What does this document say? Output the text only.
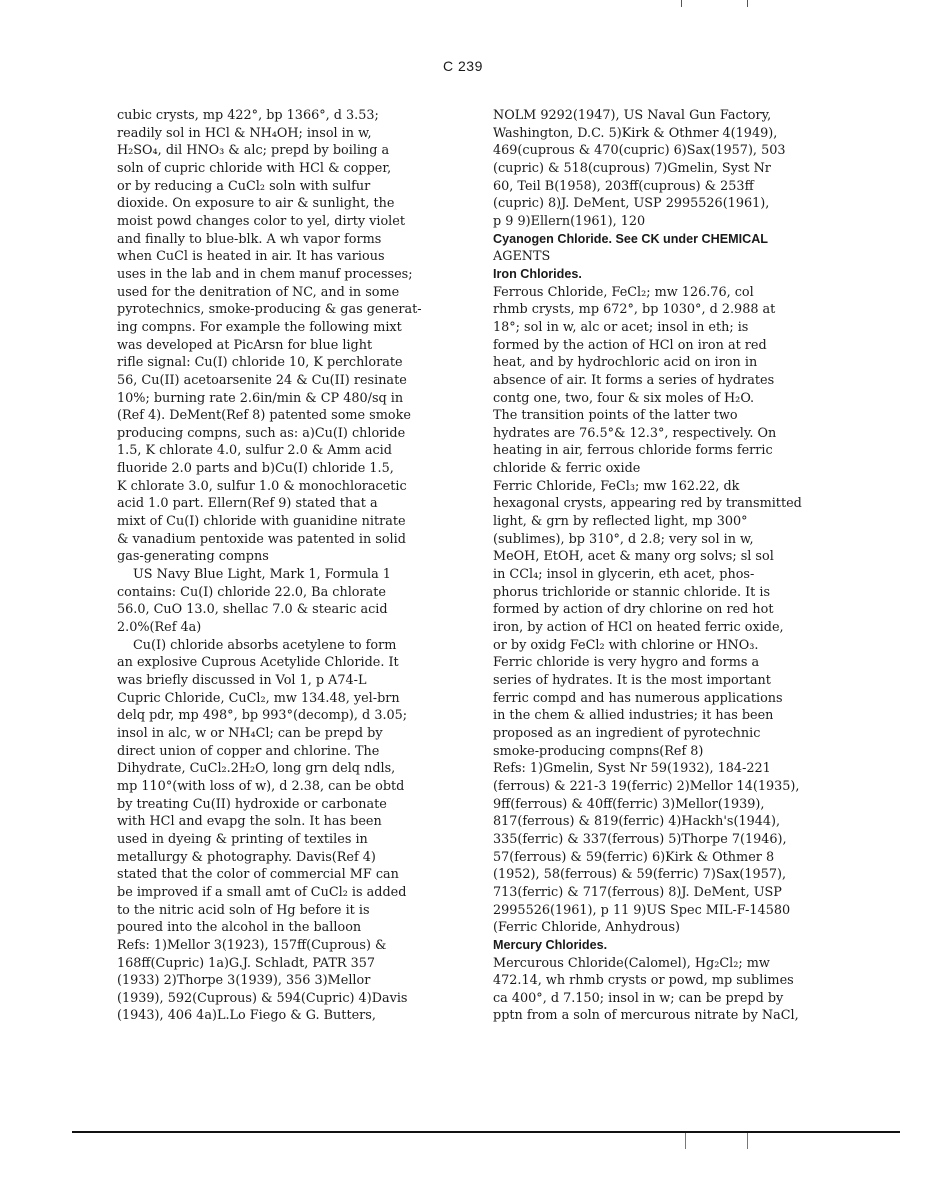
C 239
cubic crysts, mp 422°, bp 1366°, d 3.53;
readily sol in HCl & NH₄OH; insol in w,
H₂SO₄, dil HNO₃ & alc; prepd by boiling a
soln of cupric chloride with HCl & copper,
or by reducing a CuCl₂ soln with sulfur
dioxide. On exposure to air & sunlight, the
moist powd changes color to yel, dirty violet
and finally to blue-blk. A wh vapor forms
when CuCl is heated in air. It has various
uses in the lab and in chem manuf processes;
used for the denitration of NC, and in some
pyrotechnics, smoke-producing & gas generat-
ing compns. For example the following mixt
was developed at PicArsn for blue light
rifle signal: Cu(I) chloride 10, K perchlorate
56, Cu(II) acetoarsenite 24 & Cu(II) resinate
10%; burning rate 2.6in/min & CP 480/sq in
(Ref 4). DeMent(Ref 8) patented some smoke
producing compns, such as: a)Cu(I) chloride
1.5, K chlorate 4.0, sulfur 2.0 & Amm acid
fluoride 2.0 parts and b)Cu(I) chloride 1.5,
K chlorate 3.0, sulfur 1.0 & monochloracetic
acid 1.0 part. Ellern(Ref 9) stated that a
mixt of Cu(I) chloride with guanidine nitrate
& vanadium pentoxide was patented in solid
gas-generating compns
US Navy Blue Light, Mark 1, Formula 1
contains: Cu(I) chloride 22.0, Ba chlorate
56.0, CuO 13.0, shellac 7.0 & stearic acid
2.0%(Ref 4a)
Cu(I) chloride absorbs acetylene to form
an explosive Cuprous Acetylide Chloride. It
was briefly discussed in Vol 1, p A74-L
Cupric Chloride, CuCl₂, mw 134.48, yel-brn
delq pdr, mp 498°, bp 993°(decomp), d 3.05;
insol in alc, w or NH₄Cl; can be prepd by
direct union of copper and chlorine. The
Dihydrate, CuCl₂.2H₂O, long grn delq ndls,
mp 110°(with loss of w), d 2.38, can be obtd
by treating Cu(II) hydroxide or carbonate
with HCl and evapg the soln. It has been
used in dyeing & printing of textiles in
metallurgy & photography. Davis(Ref 4)
stated that the color of commercial MF can
be improved if a small amt of CuCl₂ is added
to the nitric acid soln of Hg before it is
poured into the alcohol in the balloon
Refs: 1)Mellor 3(1923), 157ff(Cuprous) &
168ff(Cupric) 1a)G.J. Schladt, PATR 357
(1933) 2)Thorpe 3(1939), 356 3)Mellor
(1939), 592(Cuprous) & 594(Cupric) 4)Davis
(1943), 406 4a)L.Lo Fiego & G. Butters,
NOLM 9292(1947), US Naval Gun Factory,
Washington, D.C. 5)Kirk & Othmer 4(1949),
469(cuprous & 470(cupric) 6)Sax(1957), 503
(cupric) & 518(cuprous) 7)Gmelin, Syst Nr
60, Teil B(1958), 203ff(cuprous) & 253ff
(cupric) 8)J. DeMent, USP 2995526(1961),
p 9 9)Ellern(1961), 120
Cyanogen Chloride. See CK under CHEMICAL
AGENTS
Iron Chlorides.
Ferrous Chloride, FeCl₂; mw 126.76, col
rhmb crysts, mp 672°, bp 1030°, d 2.988 at
18°; sol in w, alc or acet; insol in eth; is
formed by the action of HCl on iron at red
heat, and by hydrochloric acid on iron in
absence of air. It forms a series of hydrates
contg one, two, four & six moles of H₂O.
The transition points of the latter two
hydrates are 76.5°& 12.3°, respectively. On
heating in air, ferrous chloride forms ferric
chloride & ferric oxide
Ferric Chloride, FeCl₃; mw 162.22, dk
hexagonal crysts, appearing red by transmitted
light, & grn by reflected light, mp 300°
(sublimes), bp 310°, d 2.8; very sol in w,
MeOH, EtOH, acet & many org solvs; sl sol
in CCl₄; insol in glycerin, eth acet, phos-
phorus trichloride or stannic chloride. It is
formed by action of dry chlorine on red hot
iron, by action of HCl on heated ferric oxide,
or by oxidg FeCl₂ with chlorine or HNO₃.
Ferric chloride is very hygro and forms a
series of hydrates. It is the most important
ferric compd and has numerous applications
in the chem & allied industries; it has been
proposed as an ingredient of pyrotechnic
smoke-producing compns(Ref 8)
Refs: 1)Gmelin, Syst Nr 59(1932), 184-221
(ferrous) & 221-3 19(ferric) 2)Mellor 14(1935),
9ff(ferrous) & 40ff(ferric) 3)Mellor(1939),
817(ferrous) & 819(ferric) 4)Hackh's(1944),
335(ferric) & 337(ferrous) 5)Thorpe 7(1946),
57(ferrous) & 59(ferric) 6)Kirk & Othmer 8
(1952), 58(ferrous) & 59(ferric) 7)Sax(1957),
713(ferric) & 717(ferrous) 8)J. DeMent, USP
2995526(1961), p 11 9)US Spec MIL-F-14580
(Ferric Chloride, Anhydrous)
Mercury Chlorides.
Mercurous Chloride(Calomel), Hg₂Cl₂; mw
472.14, wh rhmb crysts or powd, mp sublimes
ca 400°, d 7.150; insol in w; can be prepd by
pptn from a soln of mercurous nitrate by NaCl,
